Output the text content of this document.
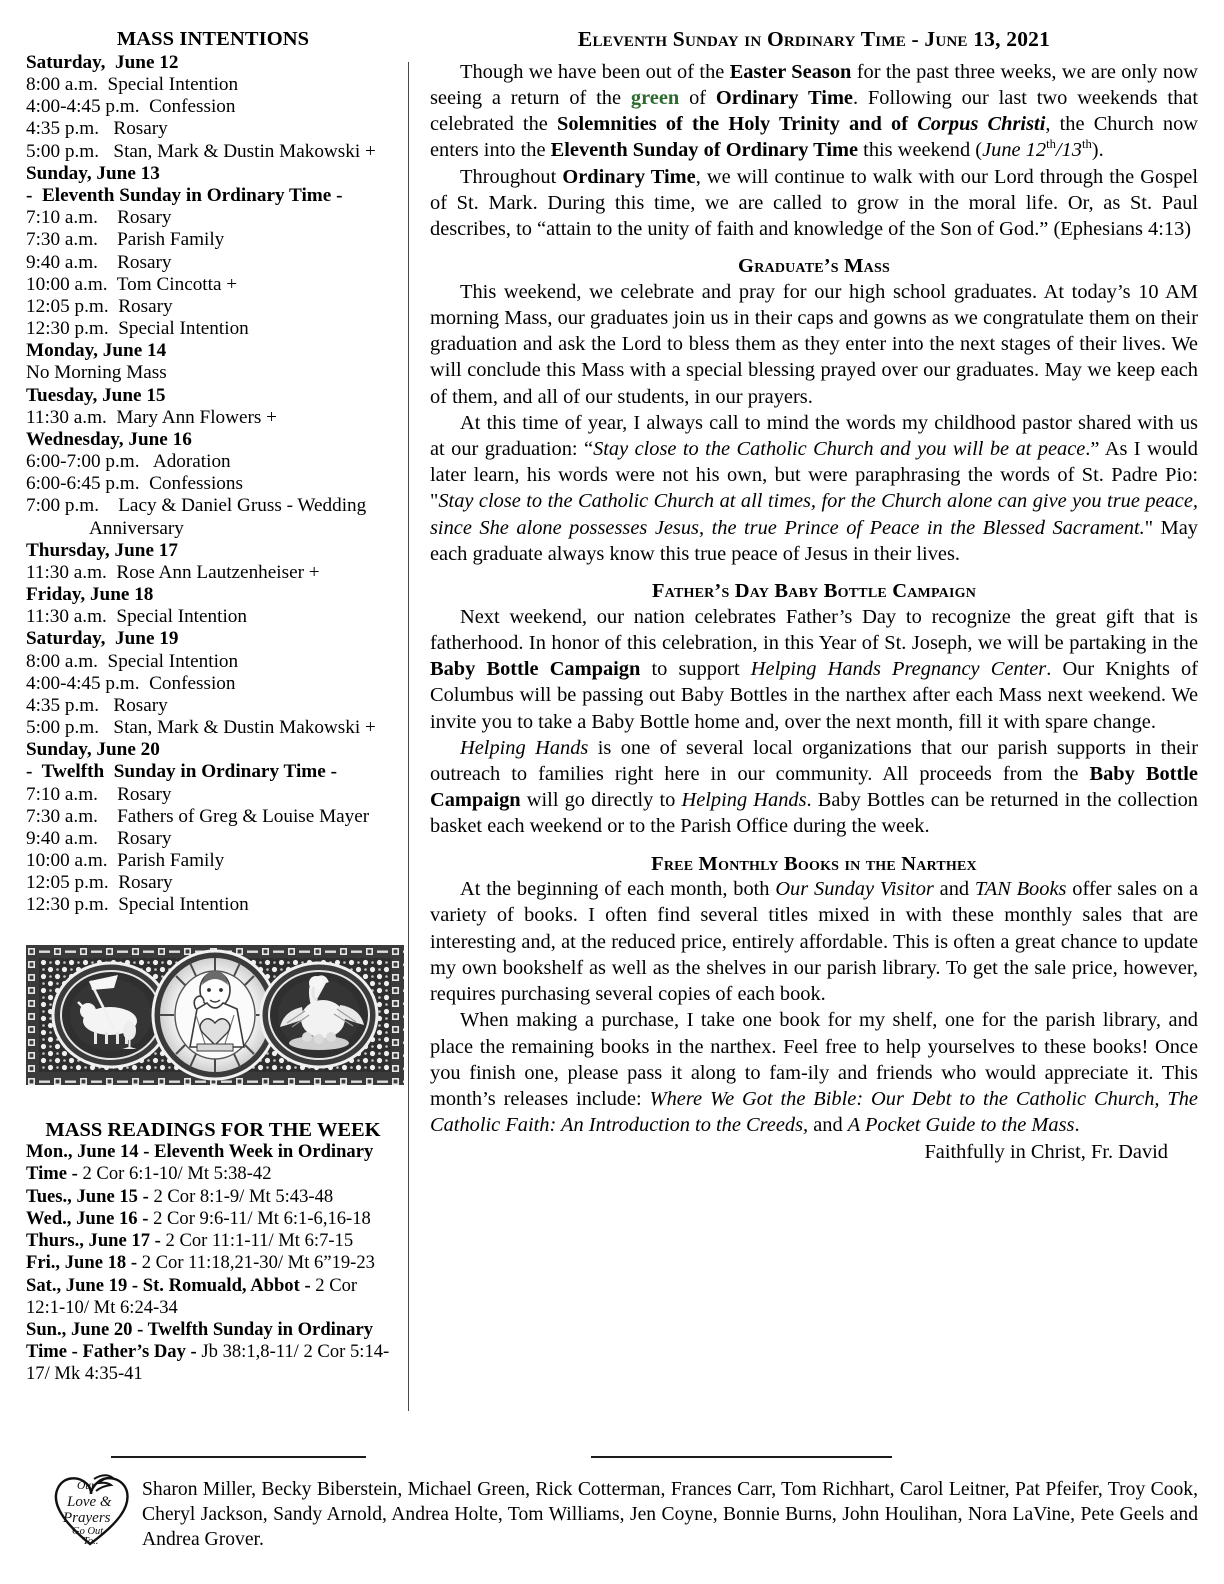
MASS INTENTIONS
Saturday,  June 12
8:00 a.m.  Special Intention
4:00-4:45 p.m.  Confession
4:35 p.m.   Rosary
5:00 p.m.   Stan, Mark & Dustin Makowski +
Sunday, June 13
-  Eleventh Sunday in Ordinary Time -
7:10 a.m.    Rosary
7:30 a.m.    Parish Family
9:40 a.m.    Rosary
10:00 a.m.  Tom Cincotta +
12:05 p.m.  Rosary
12:30 p.m.  Special Intention
Monday, June 14
No Morning Mass
Tuesday, June 15
11:30 a.m.  Mary Ann Flowers +
Wednesday, June 16
6:00-7:00 p.m.   Adoration
6:00-6:45 p.m.  Confessions
7:00 p.m.    Lacy & Daniel Gruss - Wedding
Anniversary
Thursday, June 17
11:30 a.m.  Rose Ann Lautzenheiser +
Friday, June 18
11:30 a.m.  Special Intention
Saturday,  June 19
8:00 a.m.  Special Intention
4:00-4:45 p.m.  Confession
4:35 p.m.   Rosary
5:00 p.m.   Stan, Mark & Dustin Makowski +
Sunday, June 20
-  Twelfth  Sunday in Ordinary Time -
7:10 a.m.    Rosary
7:30 a.m.    Fathers of Greg & Louise Mayer
9:40 a.m.    Rosary
10:00 a.m.  Parish Family
12:05 p.m.  Rosary
12:30 p.m.  Special Intention
MASS READINGS FOR THE WEEK
Mon., June 14 - Eleventh Week in Ordinary Time - 2 Cor 6:1-10/ Mt 5:38-42
Tues., June 15 - 2 Cor 8:1-9/ Mt 5:43-48
Wed., June 16 - 2 Cor 9:6-11/ Mt 6:1-6,16-18
Thurs., June 17 - 2 Cor 11:1-11/ Mt 6:7-15
Fri., June 18 - 2 Cor 11:18,21-30/ Mt 6”19-23
Sat., June 19 - St. Romuald, Abbot - 2 Cor 12:1-10/ Mt 6:24-34
Sun., June 20 - Twelfth Sunday in Ordinary Time - Father’s Day - Jb 38:1,8-11/ 2 Cor 5:14-17/ Mk 4:35-41
Eleventh Sunday in Ordinary Time - June 13, 2021

Though we have been out of the Easter Season for the past three weeks, we are only now seeing a return of the green of Ordinary Time. Following our last two weekends that celebrated the Solemnities of the Holy Trinity and of Corpus Christi, the Church now enters into the Eleventh Sunday of Ordinary Time this weekend (June 12th/13th).

Throughout Ordinary Time, we will continue to walk with our Lord through the Gospel of St. Mark. During this time, we are called to grow in the moral life. Or, as St. Paul describes, to “attain to the unity of faith and knowledge of the Son of God.” (Ephesians 4:13)

Graduate’s Mass

This weekend, we celebrate and pray for our high school graduates. At today’s 10 AM morning Mass, our graduates join us in their caps and gowns as we congratulate them on their graduation and ask the Lord to bless them as they enter into the next stages of their lives. We will conclude this Mass with a special blessing prayed over our graduates. May we keep each of them, and all of our students, in our prayers.

At this time of year, I always call to mind the words my childhood pastor shared with us at our graduation: “Stay close to the Catholic Church and you will be at peace.” As I would later learn, his words were not his own, but were paraphrasing the words of St. Padre Pio: "Stay close to the Catholic Church at all times, for the Church alone can give you true peace, since She alone possesses Jesus, the true Prince of Peace in the Blessed Sacrament." May each graduate always know this true peace of Jesus in their lives.

Father’s Day Baby Bottle Campaign

Next weekend, our nation celebrates Father’s Day to recognize the great gift that is fatherhood. In honor of this celebration, in this Year of St. Joseph, we will be partaking in the Baby Bottle Campaign to support Helping Hands Pregnancy Center. Our Knights of Columbus will be passing out Baby Bottles in the narthex after each Mass next weekend. We invite you to take a Baby Bottle home and, over the next month, fill it with spare change.

Helping Hands is one of several local organizations that our parish supports in their outreach to families right here in our community. All proceeds from the Baby Bottle Campaign will go directly to Helping Hands. Baby Bottles can be returned in the collection basket each weekend or to the Parish Office during the week.

Free Monthly Books in the Narthex

At the beginning of each month, both Our Sunday Visitor and TAN Books offer sales on a variety of books. I often find several titles mixed in with these monthly sales that are interesting and, at the reduced price, entirely affordable. This is often a great chance to update my own bookshelf as well as the shelves in our parish library. To get the sale price, however, requires purchasing several copies of each book.

When making a purchase, I take one book for my shelf, one for the parish library, and place the remaining books in the narthex. Feel free to help yourselves to these books! Once you finish one, please pass it along to fam-ily and friends who would appreciate it. This month’s releases include: Where We Got the Bible: Our Debt to the Catholic Church, The Catholic Faith: An Introduction to the Creeds, and A Pocket Guide to the Mass.

Faithfully in Christ, Fr. David
Our
Love &
Prayers
Go Out
To..
Sharon Miller, Becky Biberstein, Michael Green, Rick Cotterman, Frances Carr, Tom Richhart, Carol Leitner, Pat Pfeifer, Troy Cook, Cheryl Jackson, Sandy Arnold, Andrea Holte, Tom Williams, Jen Coyne, Bonnie Burns, John Houlihan, Nora LaVine, Pete Geels and Andrea Grover.
